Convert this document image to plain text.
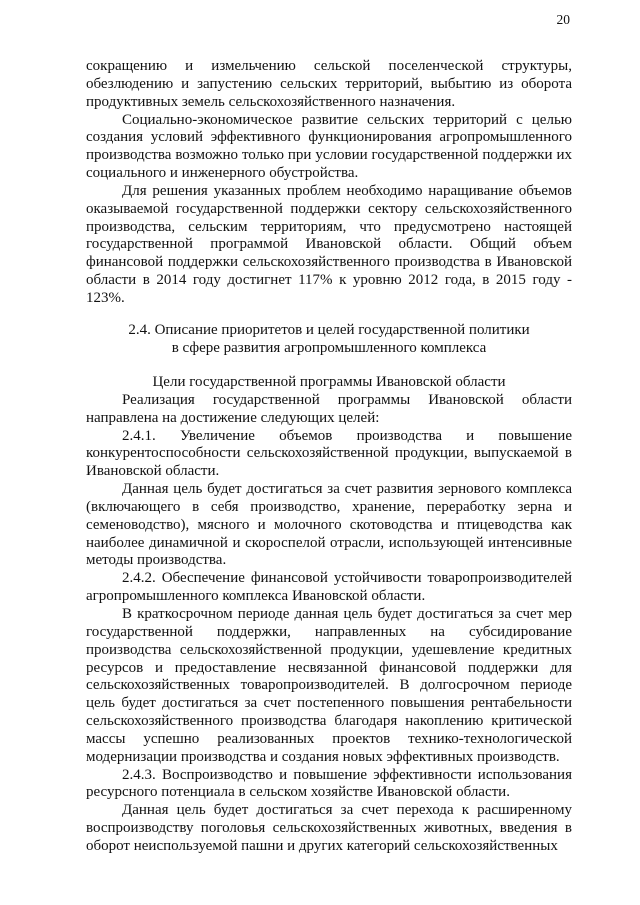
20

сокращению и измельчению сельской поселенческой структуры, обезлюдению и запустению сельских территорий, выбытию из оборота продуктивных земель сельскохозяйственного назначения.

Социально-экономическое развитие сельских территорий с целью создания условий эффективного функционирования агропромышленного производства возможно только при условии государственной поддержки их социального и инженерного обустройства.

Для решения указанных проблем необходимо наращивание объемов оказываемой государственной поддержки сектору сельскохозяйственного производства, сельским территориям, что предусмотрено настоящей государственной программой Ивановской области. Общий объем финансовой поддержки сельскохозяйственного производства в Ивановской области в 2014 году достигнет 117% к уровню 2012 года, в 2015 году - 123%.

2.4. Описание приоритетов и целей государственной политики

в сфере развития агропромышленного комплекса

Цели государственной программы Ивановской области

Реализация государственной программы Ивановской области направлена на достижение следующих целей:

2.4.1. Увеличение объемов производства и повышение конкурентоспособности сельскохозяйственной продукции, выпускаемой в Ивановской области.

Данная цель будет достигаться за счет развития зернового комплекса (включающего в себя производство, хранение, переработку зерна и семеноводство), мясного и молочного скотоводства и птицеводства как наиболее динамичной и скороспелой отрасли, использующей интенсивные методы производства.

2.4.2. Обеспечение финансовой устойчивости товаропроизводителей агропромышленного комплекса Ивановской области.

В краткосрочном периоде данная цель будет достигаться за счет мер государственной поддержки, направленных на субсидирование производства сельскохозяйственной продукции, удешевление кредитных ресурсов и предоставление несвязанной финансовой поддержки для сельскохозяйственных товаропроизводителей. В долгосрочном периоде цель будет достигаться за счет постепенного повышения рентабельности сельскохозяйственного производства благодаря накоплению критической массы успешно реализованных проектов технико-технологической модернизации производства и создания новых эффективных производств.

2.4.3. Воспроизводство и повышение эффективности использования ресурсного потенциала в сельском хозяйстве Ивановской области.

Данная цель будет достигаться за счет перехода к расширенному воспроизводству поголовья сельскохозяйственных животных, введения в оборот неиспользуемой пашни и других категорий сельскохозяйственных
